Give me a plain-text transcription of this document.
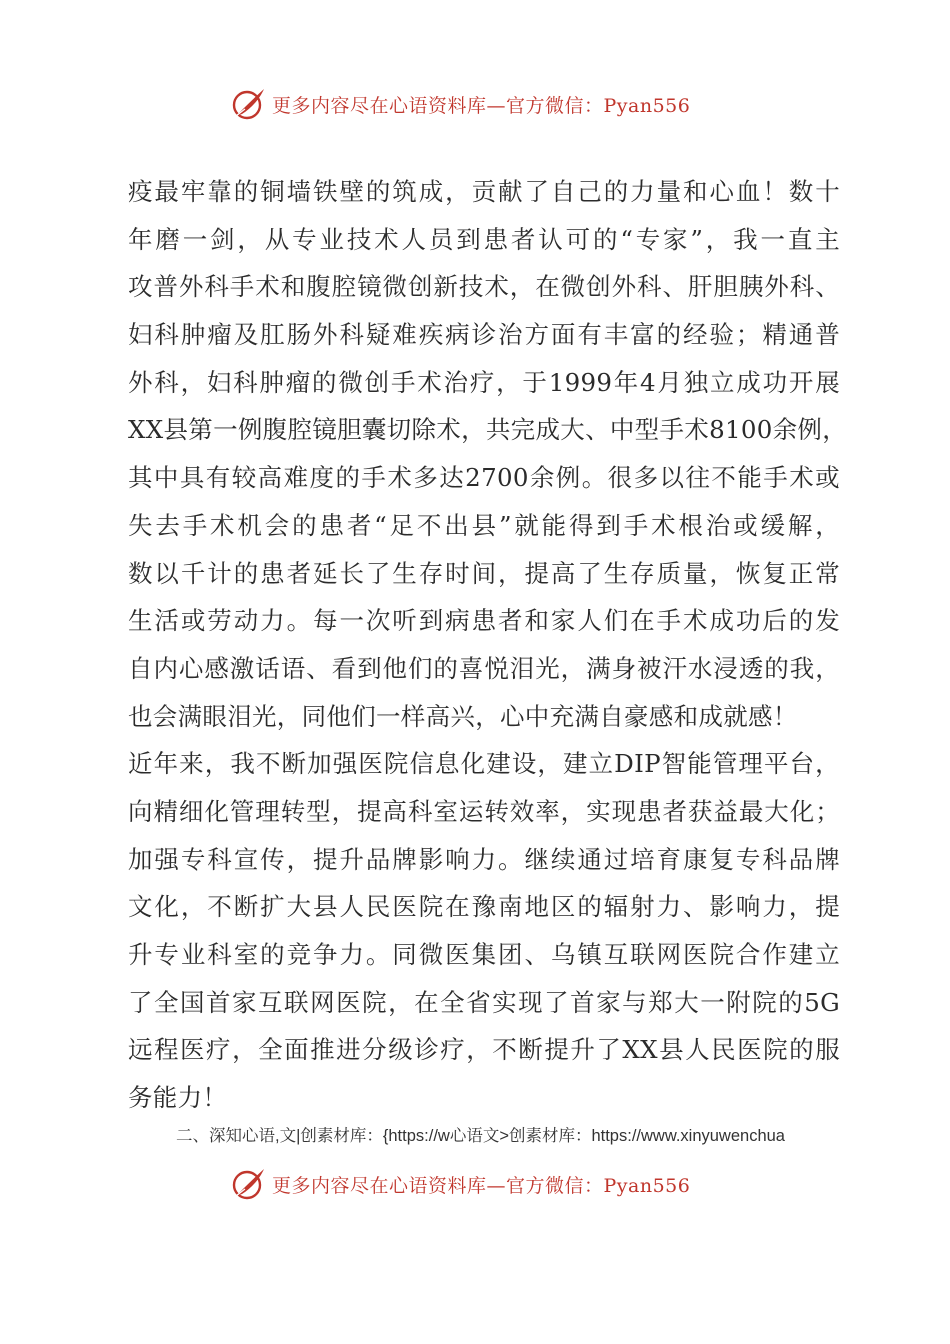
更多内容尽在心语资料库—官方微信：Pyan556
疫最牢靠的铜墙铁壁的筑成，贡献了自己的力量和心血！数十
年磨一剑，从专业技术人员到患者认可的“专家”，我一直主
攻普外科手术和腹腔镜微创新技术，在微创外科、肝胆胰外科、
妇科肿瘤及肛肠外科疑难疾病诊治方面有丰富的经验；精通普
外科，妇科肿瘤的微创手术治疗，于1999年4月独立成功开展
XX县第一例腹腔镜胆囊切除术，共完成大、中型手术8100余例，
其中具有较高难度的手术多达2700余例。很多以往不能手术或
失去手术机会的患者“足不出县”就能得到手术根治或缓解，
数以千计的患者延长了生存时间，提高了生存质量，恢复正常
生活或劳动力。每一次听到病患者和家人们在手术成功后的发
自内心感激话语、看到他们的喜悦泪光，满身被汗水浸透的我，
也会满眼泪光，同他们一样高兴，心中充满自豪感和成就感！
近年来，我不断加强医院信息化建设，建立DIP智能管理平台，
向精细化管理转型，提高科室运转效率，实现患者获益最大化；
加强专科宣传，提升品牌影响力。继续通过培育康复专科品牌
文化，不断扩大县人民医院在豫南地区的辐射力、影响力，提
升专业科室的竞争力。同微医集团、乌镇互联网医院合作建立
了全国首家互联网医院，在全省实现了首家与郑大一附院的5G
远程医疗，全面推进分级诊疗，不断提升了XX县人民医院的服
务能力！
二、深知心语,文|创素材库：{https://w心语文>创素材库：https://www.xinyuwenchua
更多内容尽在心语资料库—官方微信：Pyan556
